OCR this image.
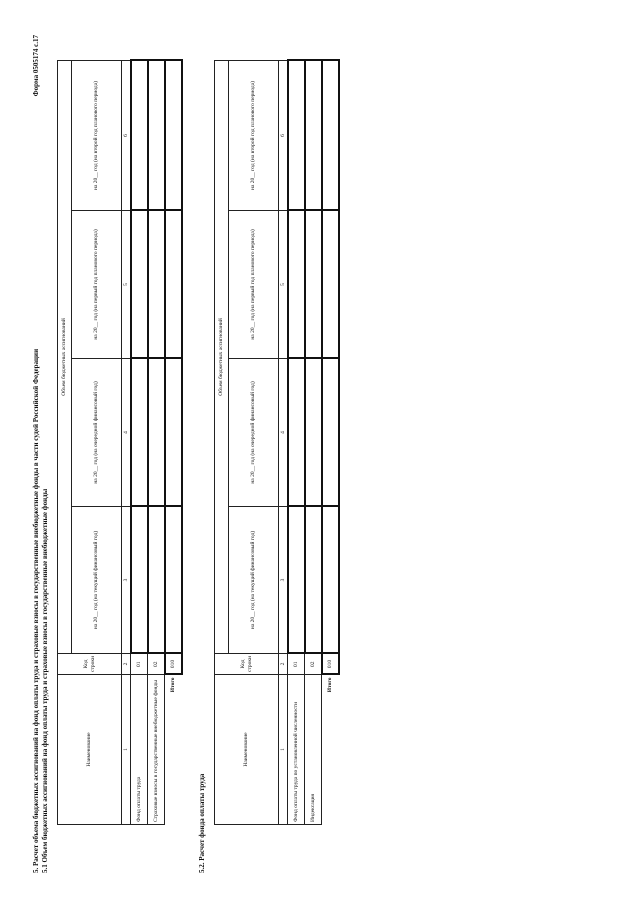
Форма 0505174 с.17
5. Расчет объема бюджетных ассигнований на фонд оплаты труда и страховые взносы в государственные внебюджетные фонды в части судей Российской Федерации 5.1 Объем бюджетных ассигнований на фонд оплаты труда и страховые взносы в государственные внебюджетные фонды	Наименование	Код строки	Объем бюджетных ассигнований			
		на 20__ год (на текущий финансовый год)	на 20__ год (на очередной финансовый год)	на 20__ год (на первый год планового периода)	на 20__ год (на второй год планового периода)
1	2	3	4	5	6
Фонд оплаты труда	01				
Страховые взносы в государственные внебюджетные фонды	02				
Итого	010				
5.2. Расчет фонда оплаты труда
Наименование	Код строки	Объем бюджетных ассигнований			
		на 20__ год (на текущий финансовый год)	на 20__ год (на очередной финансовый год)	на 20__ год (на первый год планового периода)	на 20__ год (на второй год планового периода)
1	2	3	4	5	6
Фонд оплаты труда по установленной численности	01				
Индексация	02				
Итого	010				
